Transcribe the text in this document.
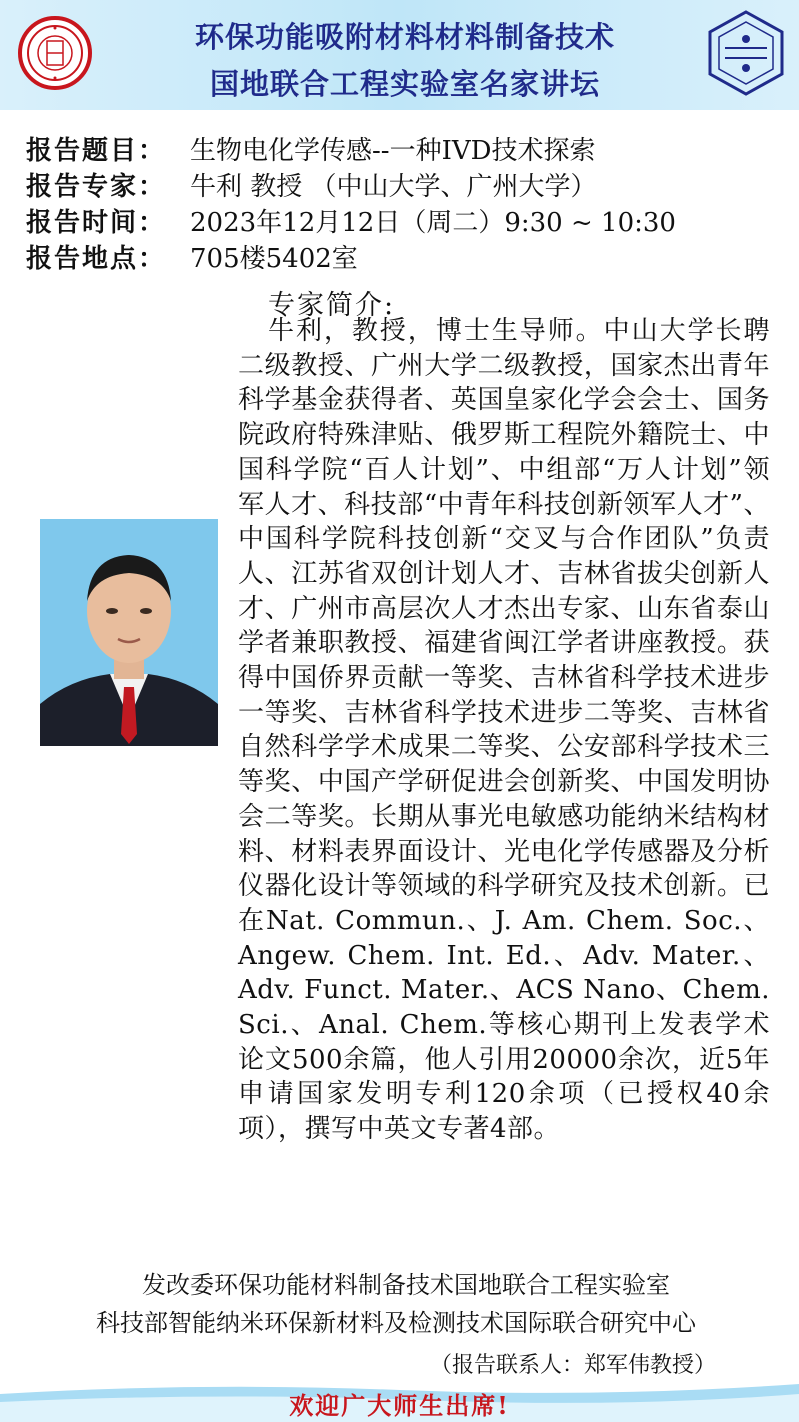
环保功能吸附材料材料制备技术
国地联合工程实验室名家讲坛
报告题目： 生物电化学传感--一种IVD技术探索
报告专家： 牛利 教授 （中山大学、广州大学）
报告时间： 2023年12月12日（周二）9:30 ~ 10:30
报告地点： 705楼5402室
专家简介:

牛利，教授，博士生导师。中山大学长聘二级教授、广州大学二级教授，国家杰出青年科学基金获得者、英国皇家化学会会士、国务院政府特殊津贴、俄罗斯工程院外籍院士、中国科学院“百人计划”、中组部“万人计划”领军人才、科技部“中青年科技创新领军人才”、中国科学院科技创新“交叉与合作团队”负责人、江苏省双创计划人才、吉林省拔尖创新人才、广州市高层次人才杰出专家、山东省泰山学者兼职教授、福建省闽江学者讲座教授。获得中国侨界贡献一等奖、吉林省科学技术进步一等奖、吉林省科学技术进步二等奖、吉林省自然科学学术成果二等奖、公安部科学技术三等奖、中国产学研促进会创新奖、中国发明协会二等奖。长期从事光电敏感功能纳米结构材料、材料表界面设计、光电化学传感器及分析仪器化设计等领域的科学研究及技术创新。已在Nat. Commun.、J. Am. Chem. Soc.、Angew. Chem. Int. Ed.、Adv. Mater.、Adv. Funct. Mater.、ACS Nano、Chem. Sci.、Anal. Chem.等核心期刊上发表学术论文500余篇，他人引用20000余次，近5年申请国家发明专利120余项（已授权40余项），撰写中英文专著4部。

发改委环保功能材料制备技术国地联合工程实验室
科技部智能纳米环保新材料及检测技术国际联合研究中心
（报告联系人：郑军伟教授）
欢迎广大师生出席!
